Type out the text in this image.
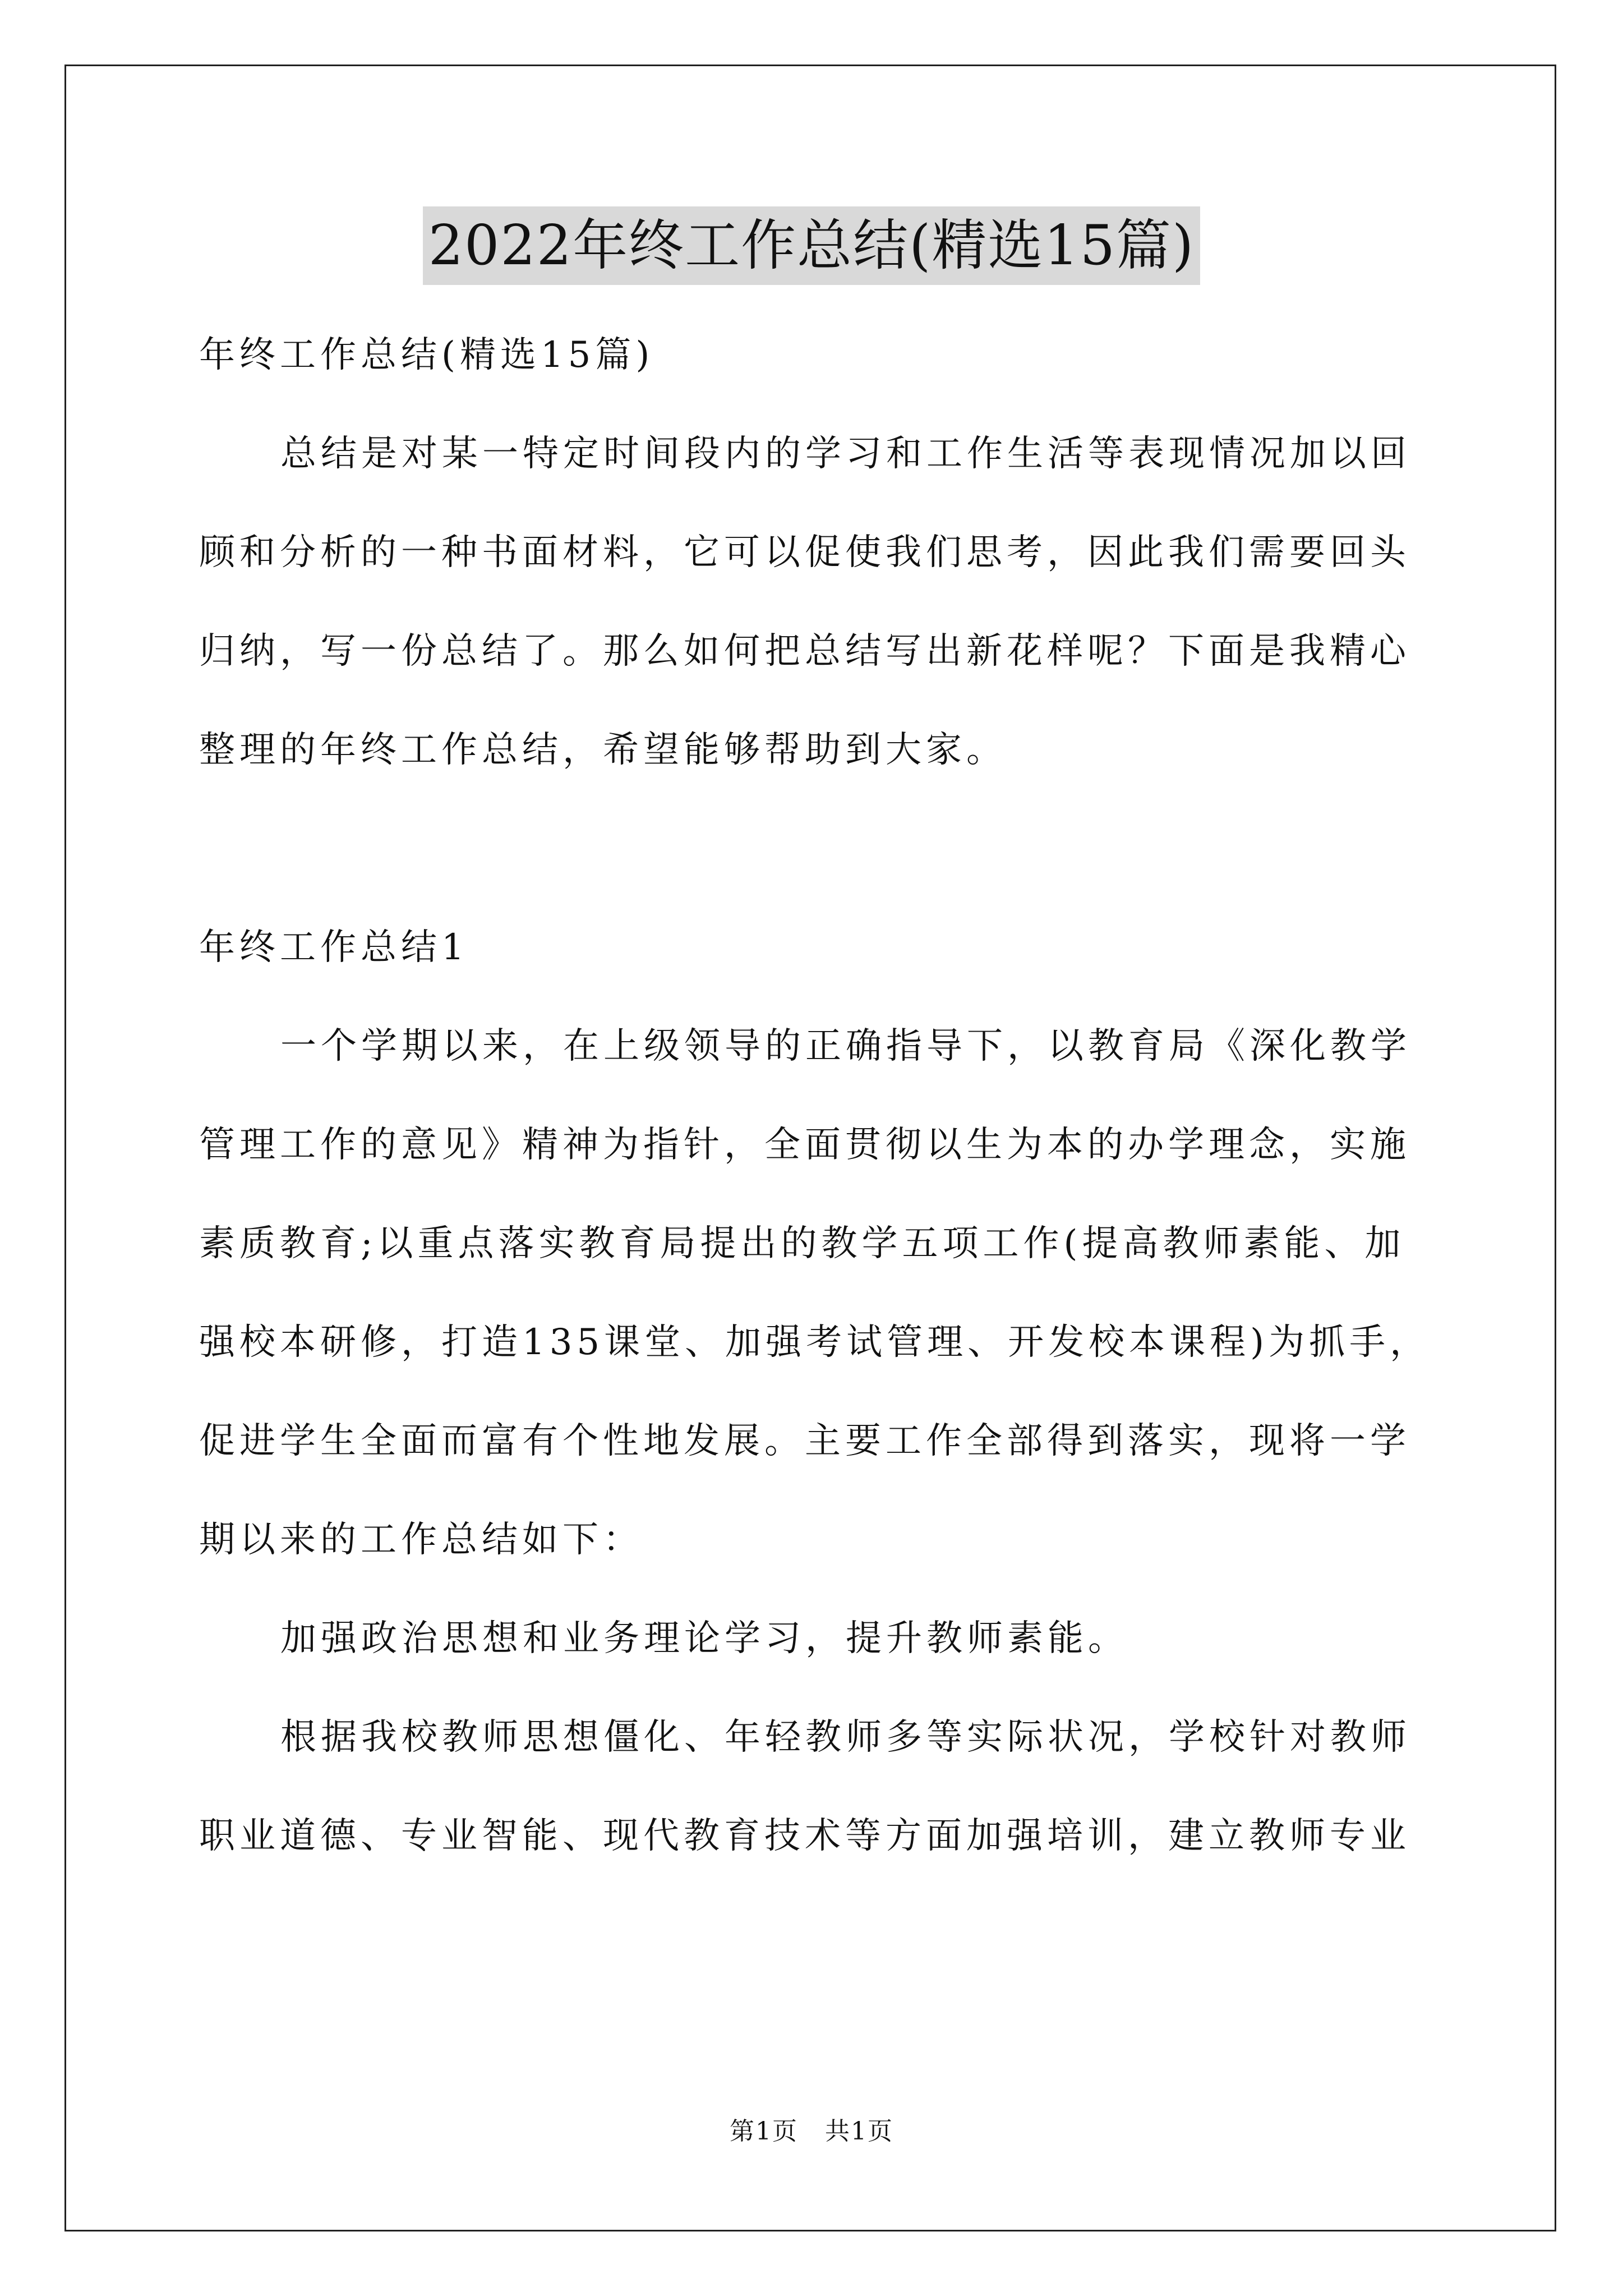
2022年终工作总结(精选15篇)
年终工作总结(精选15篇)
总结是对某一特定时间段内的学习和工作生活等表现情况加以回
顾和分析的一种书面材料，它可以促使我们思考，因此我们需要回头
归纳，写一份总结了。那么如何把总结写出新花样呢？下面是我精心
整理的年终工作总结，希望能够帮助到大家。
年终工作总结1
一个学期以来，在上级领导的正确指导下，以教育局《深化教学
管理工作的意见》精神为指针，全面贯彻以生为本的办学理念，实施
素质教育;以重点落实教育局提出的教学五项工作(提高教师素能、加
强校本研修，打造135课堂、加强考试管理、开发校本课程)为抓手，
促进学生全面而富有个性地发展。主要工作全部得到落实，现将一学
期以来的工作总结如下：
加强政治思想和业务理论学习，提升教师素能。
根据我校教师思想僵化、年轻教师多等实际状况，学校针对教师
职业道德、专业智能、现代教育技术等方面加强培训，建立教师专业
第1页 共1页
